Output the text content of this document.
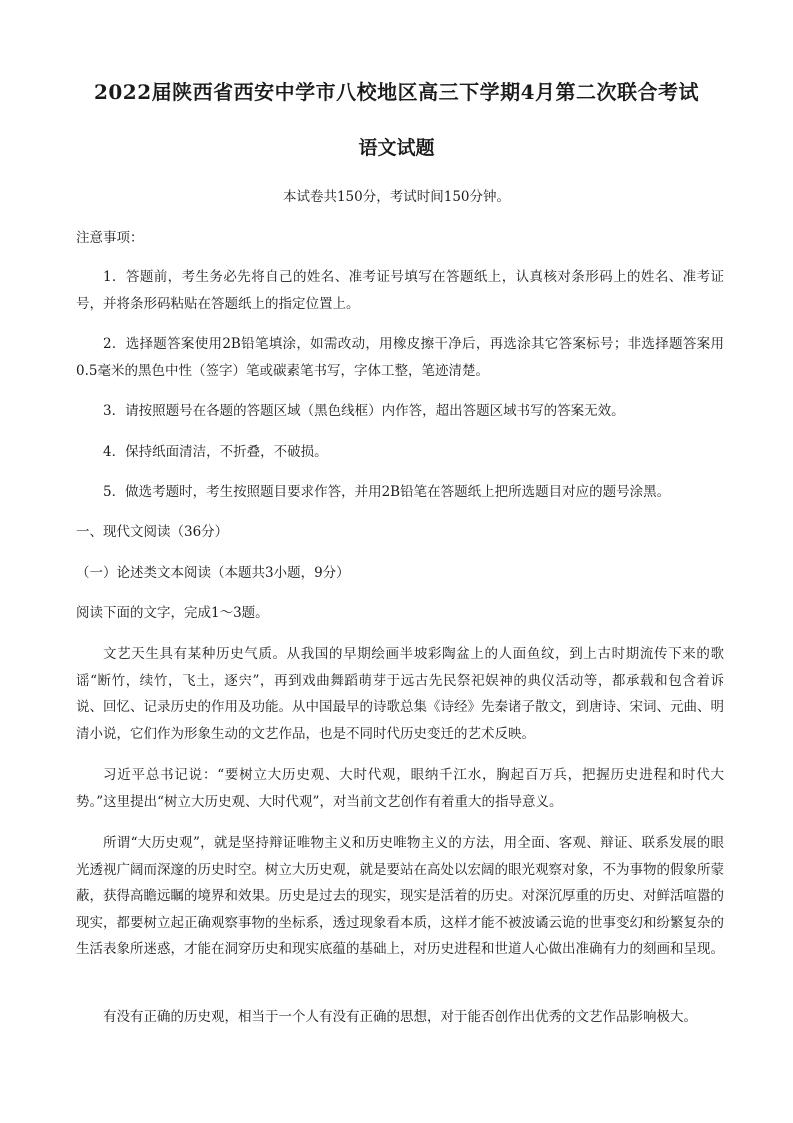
2022届陕西省西安中学市八校地区高三下学期4月第二次联合考试
语文试题
本试卷共150分，考试时间150分钟。
注意事项：

1．答题前，考生务必先将自己的姓名、准考证号填写在答题纸上，认真核对条形码上的姓名、准考证号，并将条形码粘贴在答题纸上的指定位置上。

2．选择题答案使用2B铅笔填涂，如需改动，用橡皮擦干净后，再选涂其它答案标号；非选择题答案用0.5毫米的黑色中性（签字）笔或碳素笔书写，字体工整，笔迹清楚。

3．请按照题号在各题的答题区域（黑色线框）内作答，超出答题区域书写的答案无效。

4．保持纸面清洁，不折叠，不破损。

5．做选考题时，考生按照题目要求作答，并用2B铅笔在答题纸上把所选题目对应的题号涂黑。

一、现代文阅读（36分）
（一）论述类文本阅读（本题共3小题，9分）
阅读下面的文字，完成1～3题。

文艺天生具有某种历史气质。从我国的早期绘画半坡彩陶盆上的人面鱼纹，到上古时期流传下来的歌谣“断竹，续竹，飞土，逐宍”，再到戏曲舞蹈萌芽于远古先民祭祀娱神的典仪活动等，都承载和包含着诉说、回忆、记录历史的作用及功能。从中国最早的诗歌总集《诗经》先秦诸子散文，到唐诗、宋词、元曲、明清小说，它们作为形象生动的文艺作品，也是不同时代历史变迁的艺术反映。

习近平总书记说：“要树立大历史观、大时代观，眼纳千江水，胸起百万兵，把握历史进程和时代大势。”这里提出“树立大历史观、大时代观”，对当前文艺创作有着重大的指导意义。

所谓“大历史观”，就是坚持辩证唯物主义和历史唯物主义的方法，用全面、客观、辩证、联系发展的眼光透视广阔而深邃的历史时空。树立大历史观，就是要站在高处以宏阔的眼光观察对象，不为事物的假象所蒙蔽，获得高瞻远瞩的境界和效果。历史是过去的现实，现实是活着的历史。对深沉厚重的历史、对鲜活喧嚣的现实，都要树立起正确观察事物的坐标系，透过现象看本质，这样才能不被波谲云诡的世事变幻和纷繁复杂的生活表象所迷惑，才能在洞穿历史和现实底蕴的基础上，对历史进程和世道人心做出准确有力的刻画和呈现。

有没有正确的历史观，相当于一个人有没有正确的思想，对于能否创作出优秀的文艺作品影响极大。
